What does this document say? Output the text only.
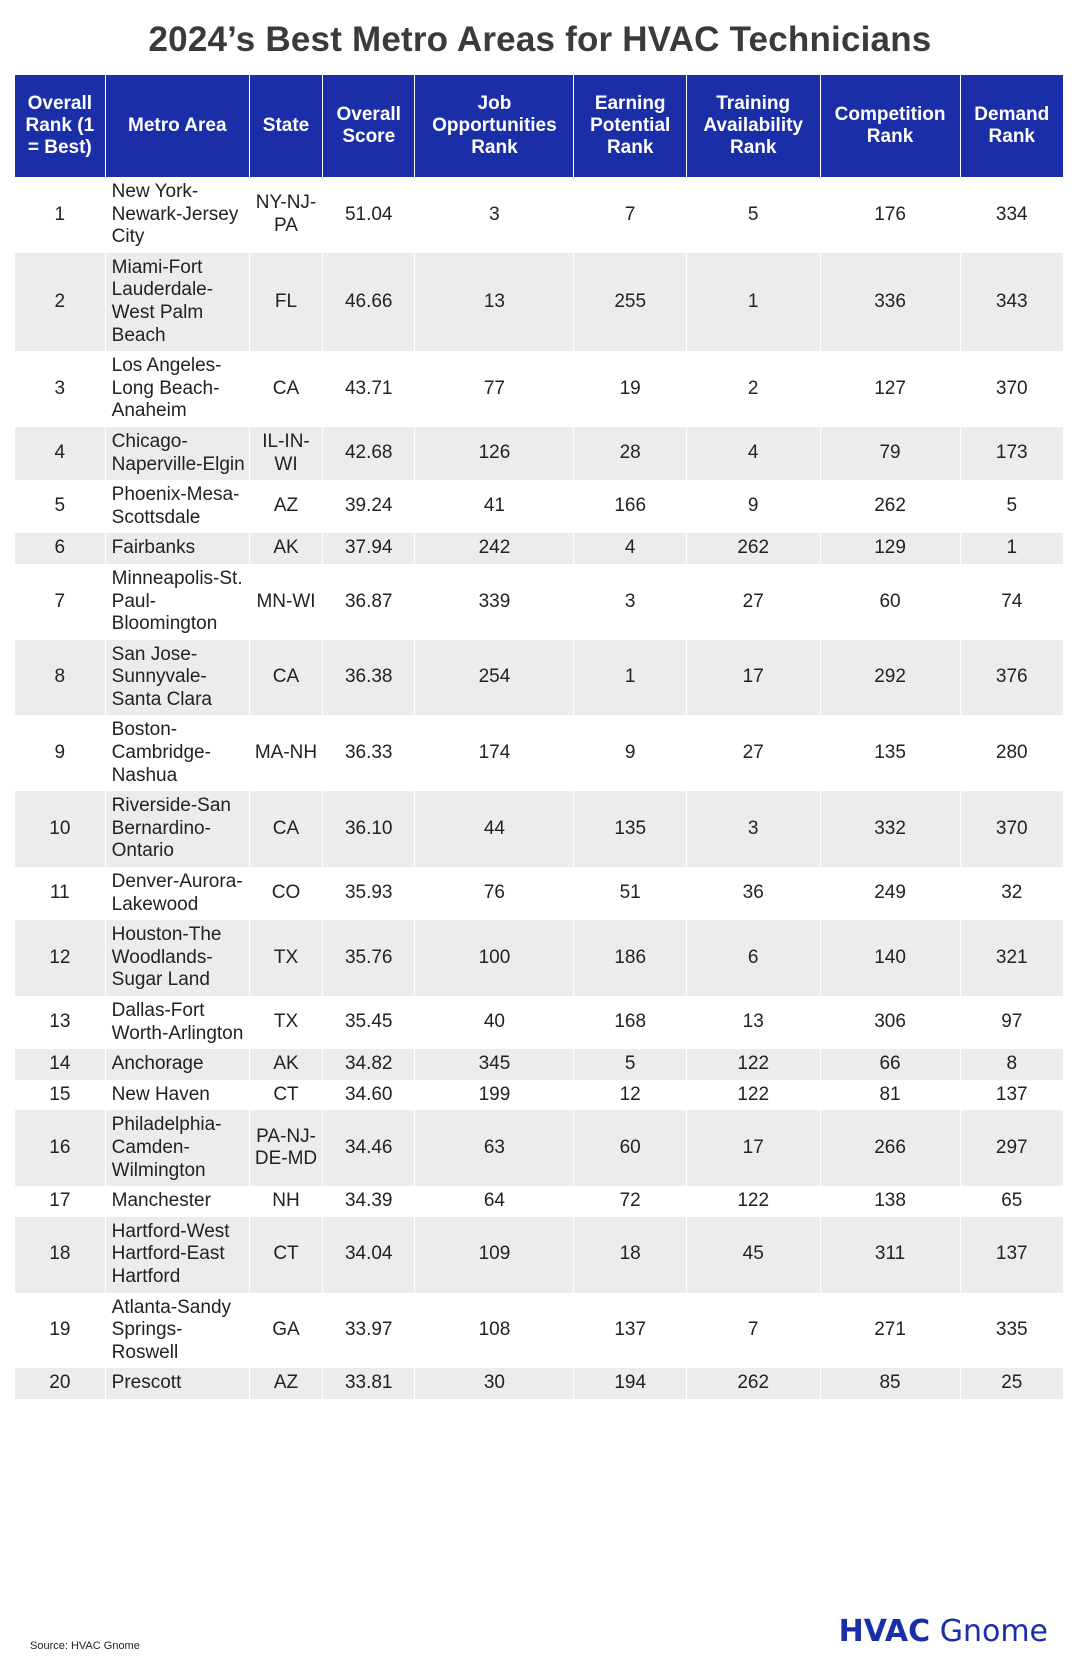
2024’s Best Metro Areas for HVAC Technicians
Overall Rank (1 = Best)	Metro Area	State	Overall Score	Job Opportunities Rank	Earning Potential Rank	Training Availability Rank	Competition Rank	Demand Rank
1	New York-Newark-Jersey City	NY-NJ-PA	51.04	3	7	5	176	334
2	Miami-Fort Lauderdale-West Palm Beach	FL	46.66	13	255	1	336	343
3	Los Angeles-Long Beach-Anaheim	CA	43.71	77	19	2	127	370
4	Chicago-Naperville-Elgin	IL-IN-WI	42.68	126	28	4	79	173
5	Phoenix-Mesa-Scottsdale	AZ	39.24	41	166	9	262	5
6	Fairbanks	AK	37.94	242	4	262	129	1
7	Minneapolis-St. Paul-Bloomington	MN-WI	36.87	339	3	27	60	74
8	San Jose-Sunnyvale-Santa Clara	CA	36.38	254	1	17	292	376
9	Boston-Cambridge-Nashua	MA-NH	36.33	174	9	27	135	280
10	Riverside-San Bernardino-Ontario	CA	36.10	44	135	3	332	370
11	Denver-Aurora-Lakewood	CO	35.93	76	51	36	249	32
12	Houston-The Woodlands-Sugar Land	TX	35.76	100	186	6	140	321
13	Dallas-Fort Worth-Arlington	TX	35.45	40	168	13	306	97
14	Anchorage	AK	34.82	345	5	122	66	8
15	New Haven	CT	34.60	199	12	122	81	137
16	Philadelphia-Camden-Wilmington	PA-NJ-DE-MD	34.46	63	60	17	266	297
17	Manchester	NH	34.39	64	72	122	138	65
18	Hartford-West Hartford-East Hartford	CT	34.04	109	18	45	311	137
19	Atlanta-Sandy Springs-Roswell	GA	33.97	108	137	7	271	335
20	Prescott	AZ	33.81	30	194	262	85	25
Source: HVAC Gnome	HVAC Gnome
